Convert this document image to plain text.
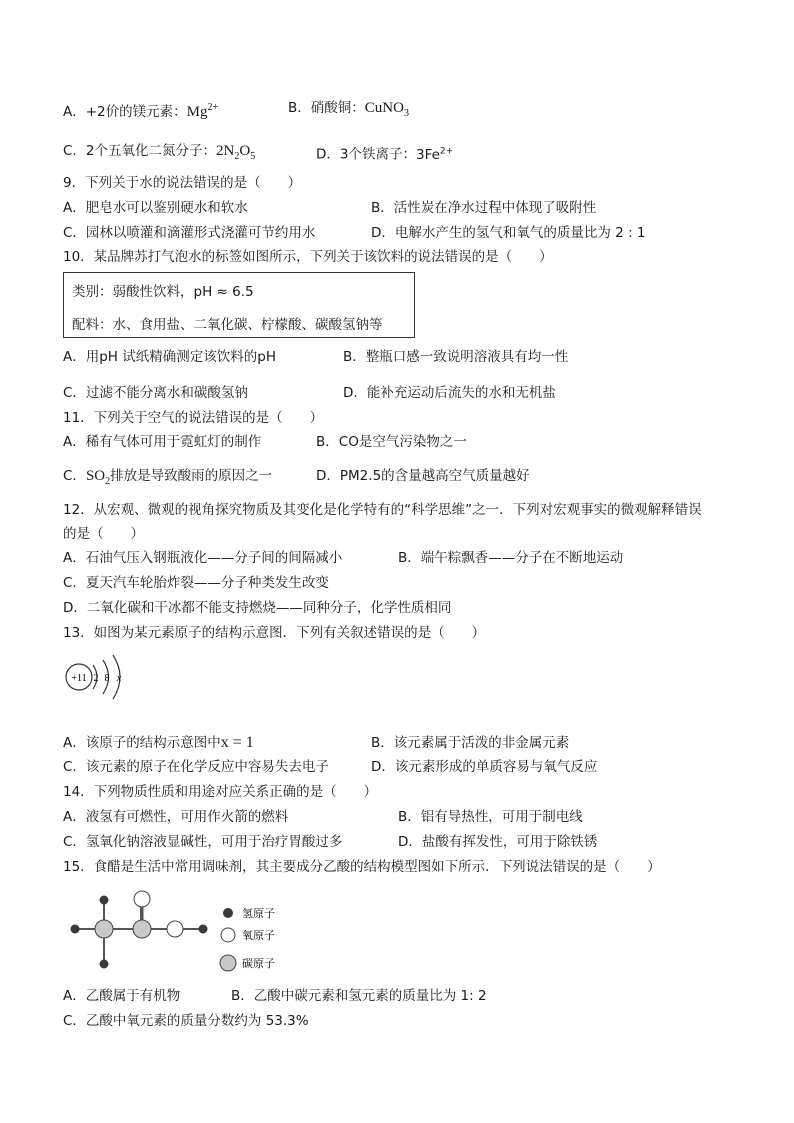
A．+2价的镁元素：$Mg^{2+}$	B．硝酸铜：CuNO$_3$
C．2个五氧化二氮分子：$2N_2O_5$	D．3个铁离子：$3Fe^{2+}$
9．下列关于水的说法错误的是（　　）
A．肥皂水可以鉴别硬水和软水	B．活性炭在净水过程中体现了吸附性
C．园林以喷灌和滴灌形式浇灌可节约用水	D．电解水产生的氢气和氧气的质量比为 2 : 1
10．某品牌苏打气泡水的标签如图所示，下列关于该饮料的说法错误的是（　　）
类别：弱酸性饮料，pH ≈ 6.5
配料：水、食用盐、二氧化碳、柠檬酸、碳酸氢钠等
A．用pH 试纸精确测定该饮料的pH	B．整瓶口感一致说明溶液具有均一性
C．过滤不能分离水和碳酸氢钠	D．能补充运动后流失的水和无机盐
11．下列关于空气的说法错误的是（　　）
A．稀有气体可用于霓虹灯的制作	B．CO是空气污染物之一
C．$SO_2$排放是导致酸雨的原因之一	D．PM2.5的含量越高空气质量越好
12．从宏观、微观的视角探究物质及其变化是化学特有的“科学思维”之一．下列对宏观事实的微观解释错误
的是（　　）
A．石油气压入钢瓶液化——分子间的间隔减小	B．端午粽飘香——分子在不断地运动
C．夏天汽车轮胎炸裂——分子种类发生改变
D．二氧化碳和干冰都不能支持燃烧——同种分子，化学性质相同
13．如图为某元素原子的结构示意图．下列有关叙述错误的是（　　）
+11 2 8 x
A．该原子的结构示意图中x = 1	B．该元素属于活泼的非金属元素
C．该元素的原子在化学反应中容易失去电子	D．该元素形成的单质容易与氧气反应
14．下列物质性质和用途对应关系正确的是（　　）
A．液氢有可燃性，可用作火箭的燃料	B．铝有导热性，可用于制电线
C．氢氧化钠溶液显碱性，可用于治疗胃酸过多	D．盐酸有挥发性，可用于除铁锈
15．食醋是生活中常用调味剂，其主要成分乙酸的结构模型图如下所示．下列说法错误的是（　　）
氢原子
氧原子
碳原子
A．乙酸属于有机物	B．乙酸中碳元素和氢元素的质量比为 1: 2
C．乙酸中氧元素的质量分数约为 53.3%
